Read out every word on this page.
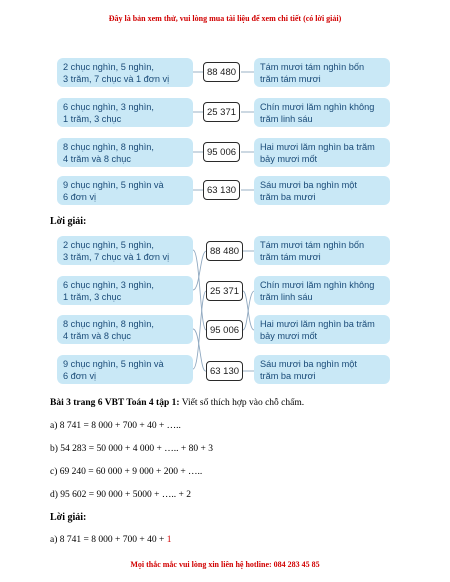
Đây là bản xem thử, vui lòng mua tài liệu để xem chi tiết (có lời giải)
2 chục nghìn, 5 nghìn,
3 trăm, 7 chục và 1 đơn vị
6 chục nghìn, 3 nghìn,
1 trăm, 3 chục
8 chục nghìn, 8 nghìn,
4 trăm và 8 chục
9 chục nghìn, 5 nghìn và
6 đơn vị
88 480
25 371
95 006
63 130
Tám mươi tám nghìn bốn
trăm tám mươi
Chín mươi lăm nghìn không
trăm linh sáu
Hai mươi lăm nghìn ba trăm
bảy mươi mốt
Sáu mươi ba nghìn một
trăm ba mươi
Lời giải:
2 chục nghìn, 5 nghìn,
3 trăm, 7 chục và 1 đơn vị
6 chục nghìn, 3 nghìn,
1 trăm, 3 chục
8 chục nghìn, 8 nghìn,
4 trăm và 8 chục
9 chục nghìn, 5 nghìn và
6 đơn vị
88 480
25 371
95 006
63 130
Tám mươi tám nghìn bốn
trăm tám mươi
Chín mươi lăm nghìn không
trăm linh sáu
Hai mươi lăm nghìn ba trăm
bảy mươi mốt
Sáu mươi ba nghìn một
trăm ba mươi
Bài 3 trang 6 VBT Toán 4 tập 1: Viết số thích hợp vào chỗ chấm.
a) 8 741 = 8 000 + 700 + 40 + …..
b) 54 283 = 50 000 + 4 000 + ….. + 80 + 3
c) 69 240 = 60 000 + 9 000 + 200 + …..
d) 95 602 = 90 000 + 5000 + ….. + 2
Lời giải:
a) 8 741 = 8 000 + 700 + 40 + 1
Mọi thắc mắc vui lòng xin liên hệ hotline: 084 283 45 85
